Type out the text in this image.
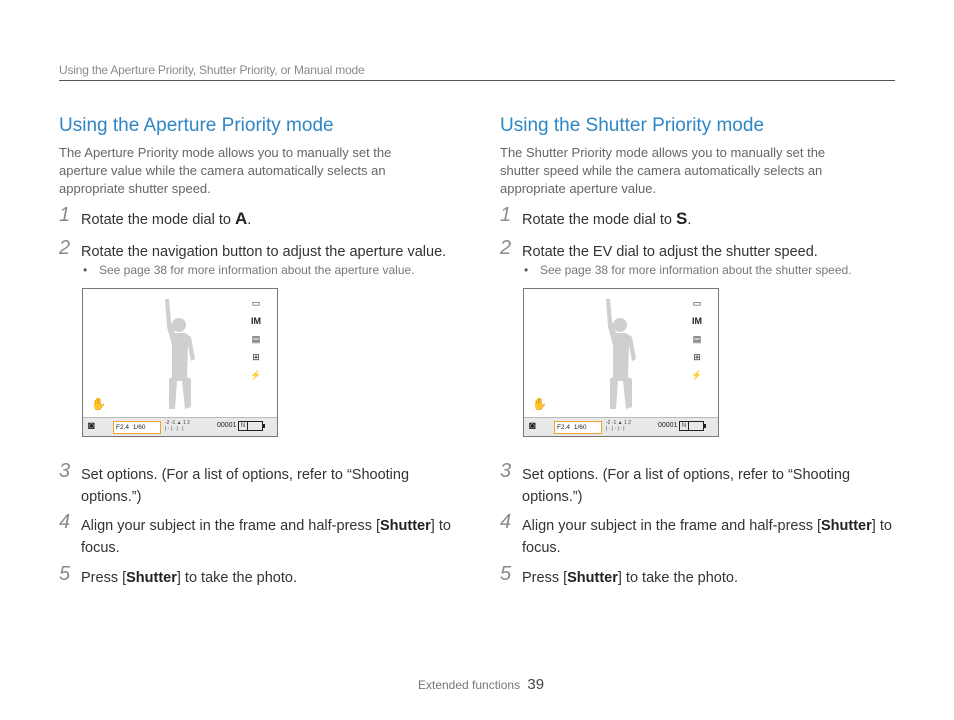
Using the Aperture Priority, Shutter Priority, or Manual mode
Using the Aperture Priority mode
The Aperture Priority mode allows you to manually set the aperture value while the camera automatically selects an appropriate shutter speed.
1 Rotate the mode dial to A.
2 Rotate the navigation button to adjust the aperture value.
• See page 38 for more information about the aperture value.
▭
IM
▤
⊞
⚡
✋
◙	F2.4 1/60
-2 -1 ▲ 1 2
| · | · | · |	00001 N
3 Set options. (For a list of options, refer to “Shooting options.”)
4 Align your subject in the frame and half-press [Shutter] to focus.
5 Press [Shutter] to take the photo.
Using the Shutter Priority mode
The Shutter Priority mode allows you to manually set the shutter speed while the camera automatically selects an appropriate aperture value.
1 Rotate the mode dial to S.
2 Rotate the EV dial to adjust the shutter speed.
• See page 38 for more information about the shutter speed.
▭
IM
▤
⊞
⚡
✋
◙	F2.4 1/60
-2 -1 ▲ 1 2
| · | · | · |	00001 N
3 Set options. (For a list of options, refer to “Shooting options.”)
4 Align your subject in the frame and half-press [Shutter] to focus.
5 Press [Shutter] to take the photo.
Extended functions 39
